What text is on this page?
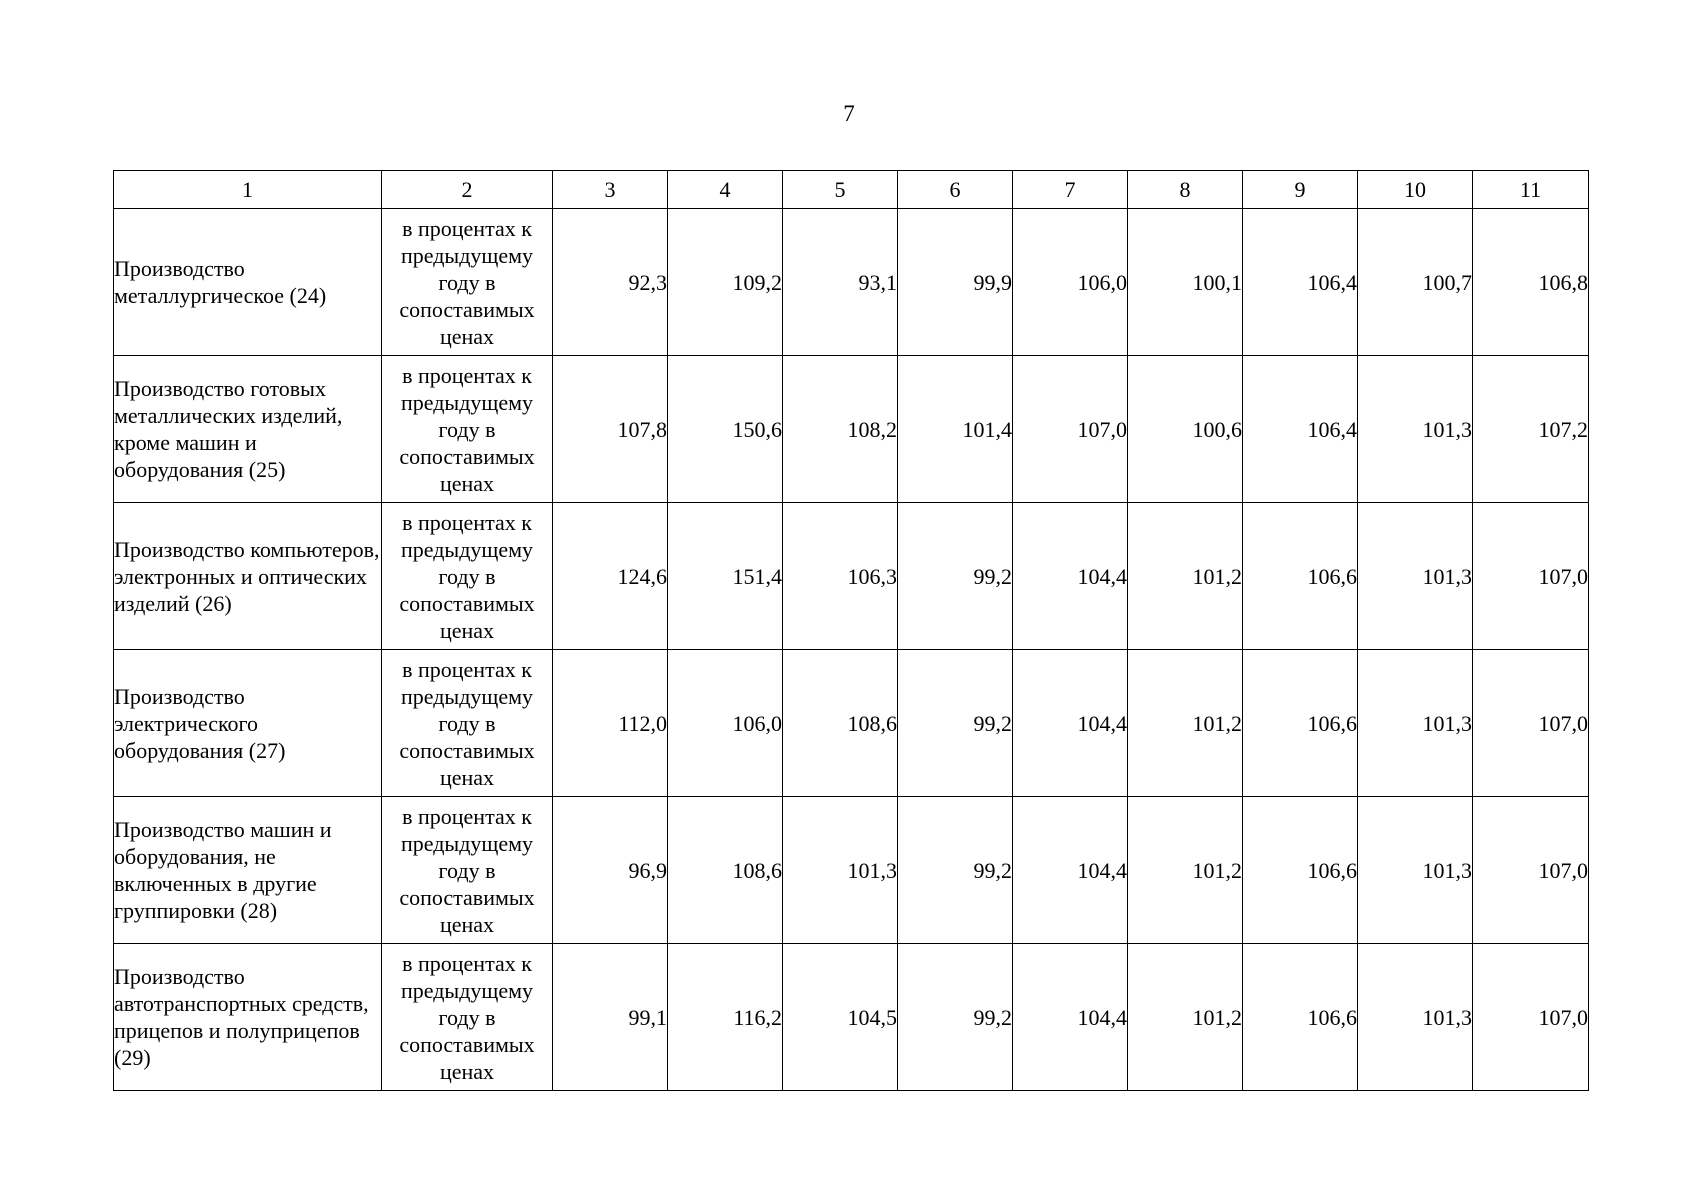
7
1	2	3	4	5	6	7	8	9	10	11
Производство металлургическое (24)	в процентах к предыдущему году в сопоставимых ценах	92,3	109,2	93,1	99,9	106,0	100,1	106,4	100,7	106,8
Производство готовых металлических изделий, кроме машин и оборудования (25)	в процентах к предыдущему году в сопоставимых ценах	107,8	150,6	108,2	101,4	107,0	100,6	106,4	101,3	107,2
Производство компьютеров, электронных и оптических изделий (26)	в процентах к предыдущему году в сопоставимых ценах	124,6	151,4	106,3	99,2	104,4	101,2	106,6	101,3	107,0
Производство электрического оборудования (27)	в процентах к предыдущему году в сопоставимых ценах	112,0	106,0	108,6	99,2	104,4	101,2	106,6	101,3	107,0
Производство машин и оборудования, не включенных в другие группировки (28)	в процентах к предыдущему году в сопоставимых ценах	96,9	108,6	101,3	99,2	104,4	101,2	106,6	101,3	107,0
Производство автотранспортных средств, прицепов и полуприцепов (29)	в процентах к предыдущему году в сопоставимых ценах	99,1	116,2	104,5	99,2	104,4	101,2	106,6	101,3	107,0
